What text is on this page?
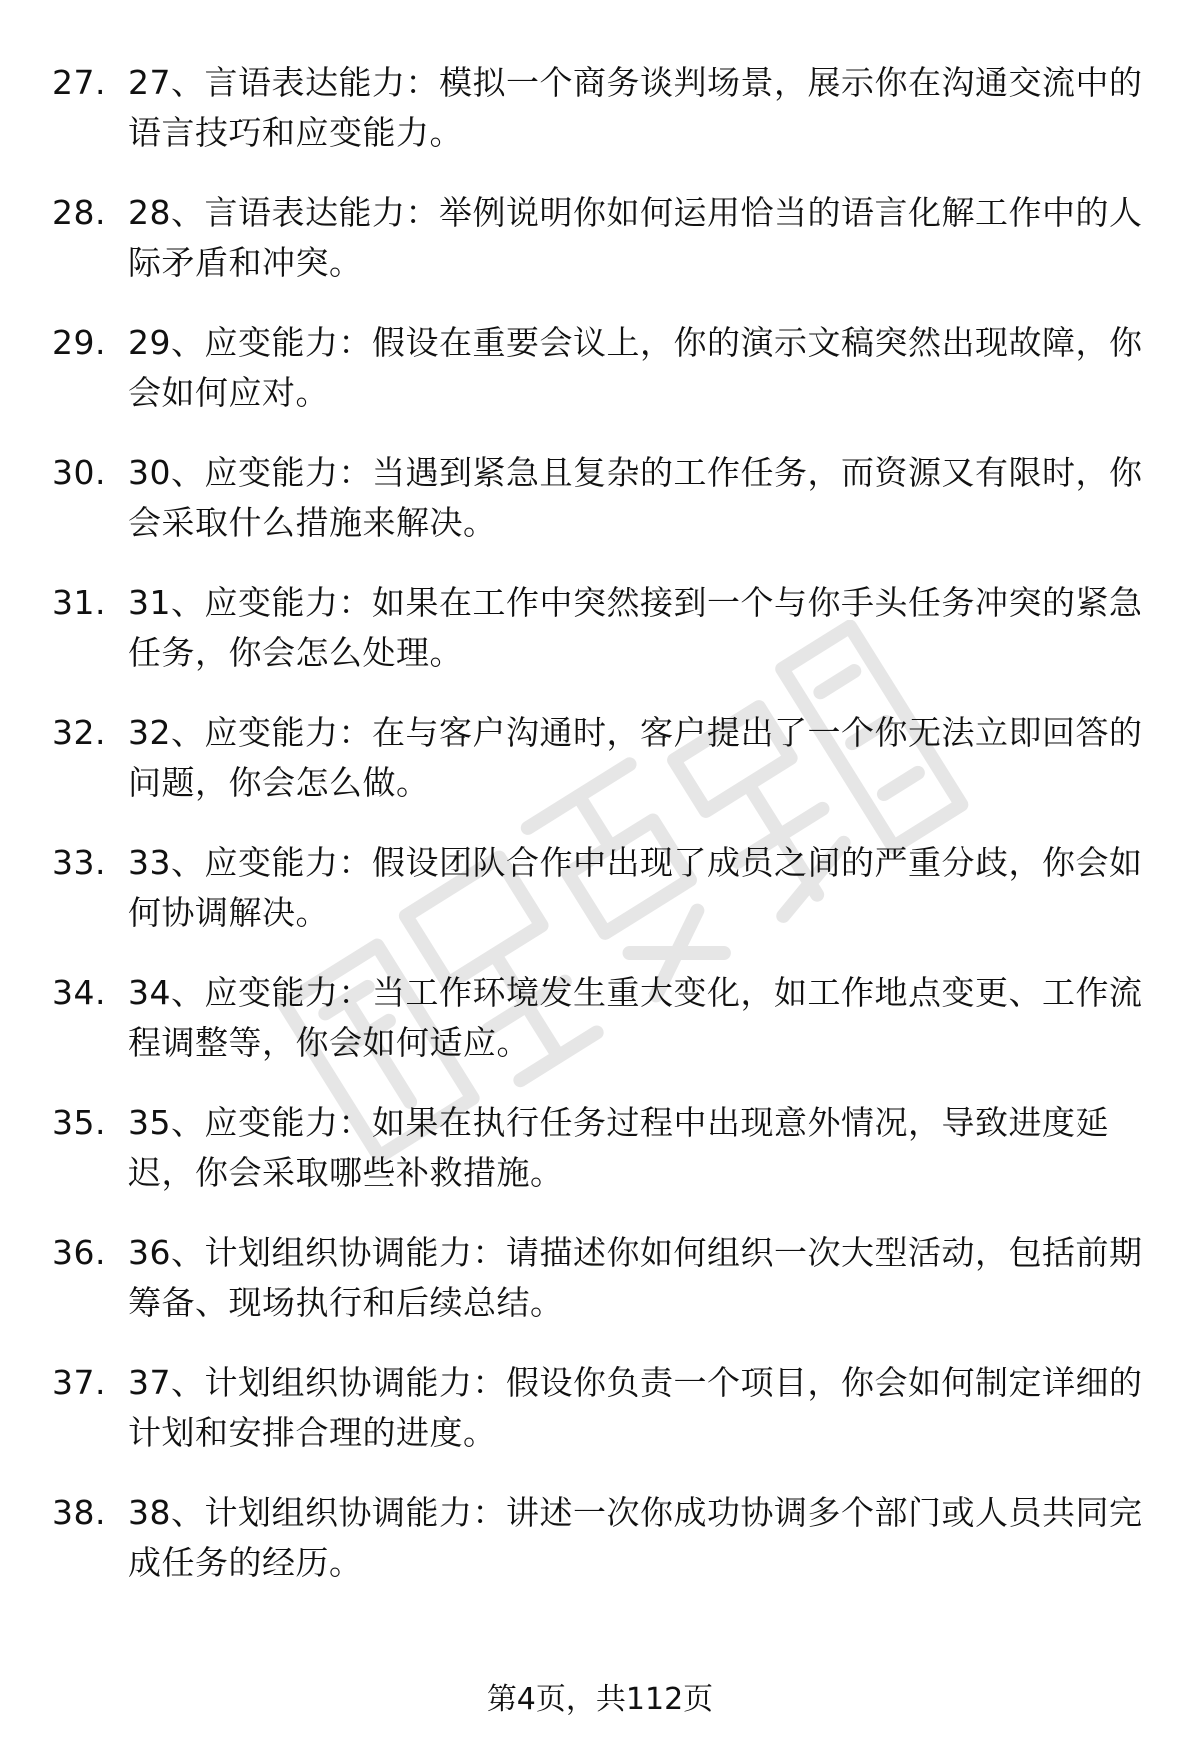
27. 27、言语表达能力：模拟一个商务谈判场景，展示你在沟通交流中的语言技巧和应变能力。
28. 28、言语表达能力：举例说明你如何运用恰当的语言化解工作中的人际矛盾和冲突。
29. 29、应变能力：假设在重要会议上，你的演示文稿突然出现故障，你会如何应对。
30. 30、应变能力：当遇到紧急且复杂的工作任务，而资源又有限时，你会采取什么措施来解决。
31. 31、应变能力：如果在工作中突然接到一个与你手头任务冲突的紧急任务，你会怎么处理。
32. 32、应变能力：在与客户沟通时，客户提出了一个你无法立即回答的问题，你会怎么做。
33. 33、应变能力：假设团队合作中出现了成员之间的严重分歧，你会如何协调解决。
34. 34、应变能力：当工作环境发生重大变化，如工作地点变更、工作流程调整等，你会如何适应。
35. 35、应变能力：如果在执行任务过程中出现意外情况，导致进度延迟，你会采取哪些补救措施。
36. 36、计划组织协调能力：请描述你如何组织一次大型活动，包括前期筹备、现场执行和后续总结。
37. 37、计划组织协调能力：假设你负责一个项目，你会如何制定详细的计划和安排合理的进度。
38. 38、计划组织协调能力：讲述一次你成功协调多个部门或人员共同完成任务的经历。
第4页，共112页
